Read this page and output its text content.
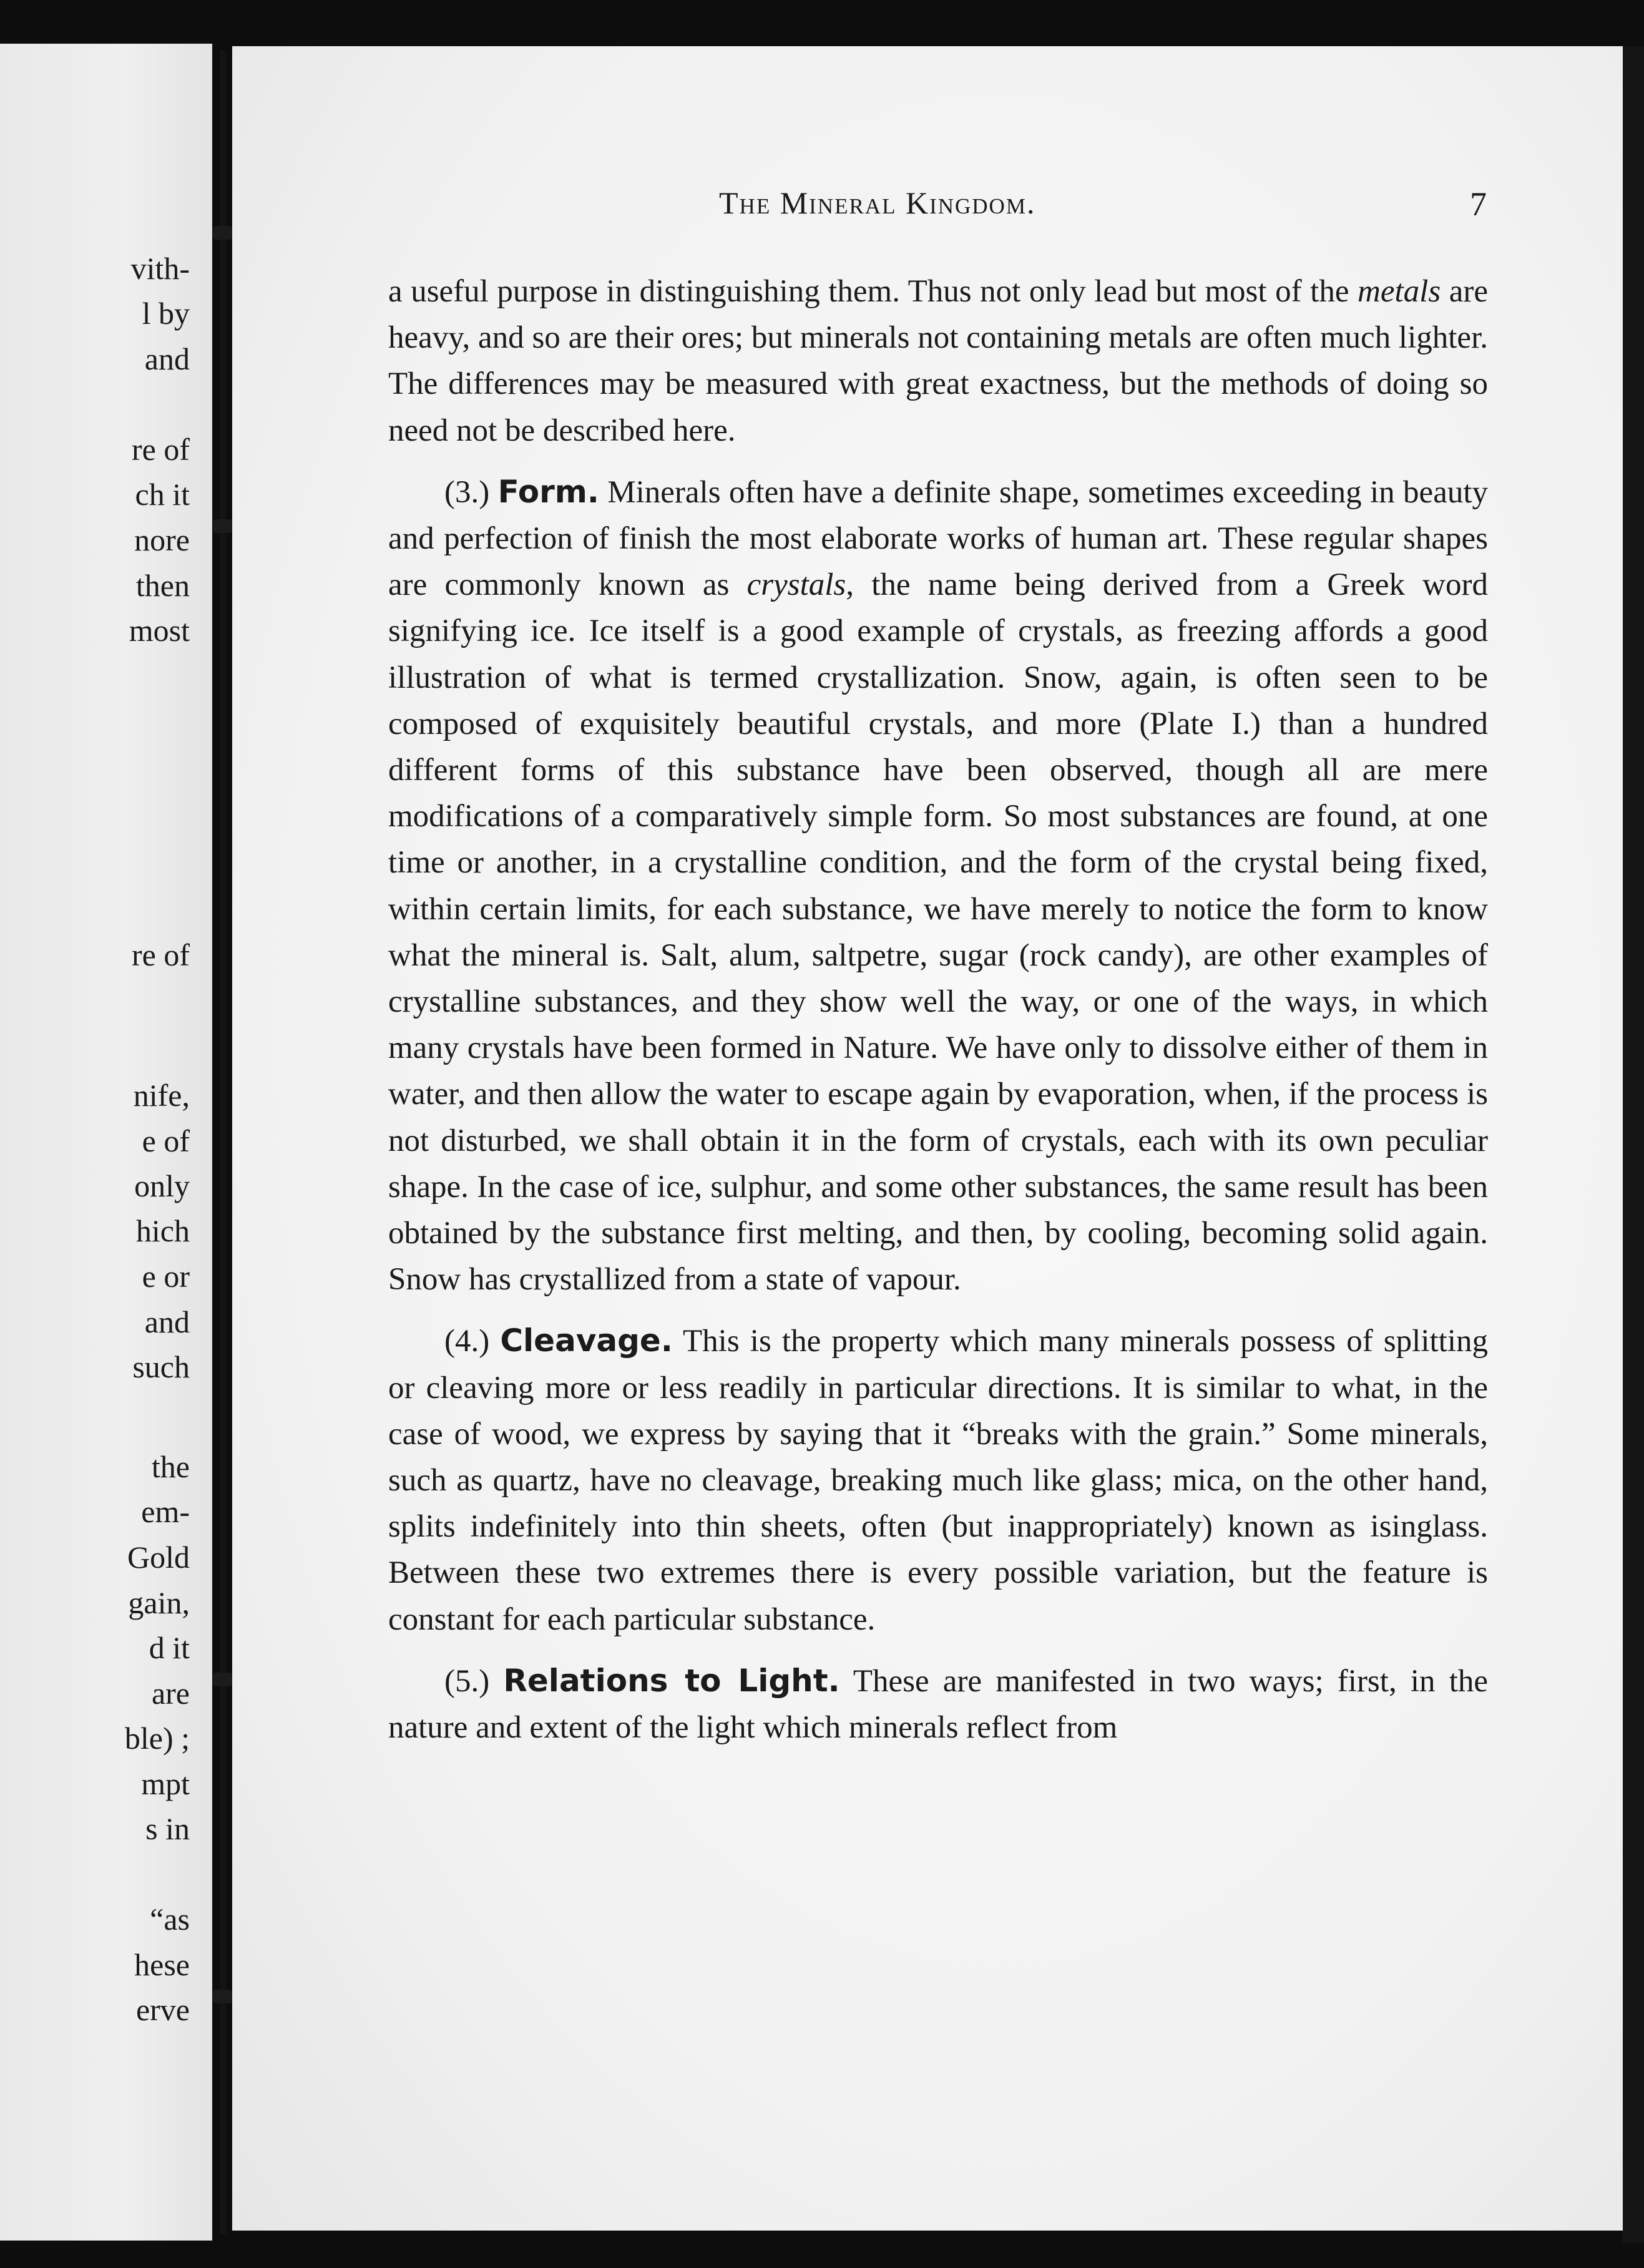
vith-
l by
and
re of
ch it
nore
then
most
re of
nife,
e of
only
hich
e or
and
such
the
em-
Gold
gain,
d it
are
ble) ;
mpt
s in
“as
hese
erve
The Mineral Kingdom.	7

a useful purpose in distinguishing them. Thus not only lead but most of the metals are heavy, and so are their ores; but minerals not containing metals are often much lighter. The differences may be measured with great exactness, but the methods of doing so need not be described here.

(3.) Form. Minerals often have a definite shape, sometimes exceeding in beauty and perfection of finish the most elaborate works of human art. These regular shapes are commonly known as crystals, the name being derived from a Greek word signifying ice. Ice itself is a good example of crystals, as freezing affords a good illustration of what is termed crystallization. Snow, again, is often seen to be composed of exquisitely beautiful crystals, and more (Plate I.) than a hundred different forms of this substance have been observed, though all are mere modifications of a comparatively simple form. So most substances are found, at one time or another, in a crystalline condition, and the form of the crystal being fixed, within certain limits, for each substance, we have merely to notice the form to know what the mineral is. Salt, alum, saltpetre, sugar (rock candy), are other examples of crystalline substances, and they show well the way, or one of the ways, in which many crystals have been formed in Nature. We have only to dissolve either of them in water, and then allow the water to escape again by evaporation, when, if the process is not disturbed, we shall obtain it in the form of crystals, each with its own peculiar shape. In the case of ice, sulphur, and some other substances, the same result has been obtained by the substance first melting, and then, by cooling, becoming solid again. Snow has crystallized from a state of vapour.

(4.) Cleavage. This is the property which many minerals possess of splitting or cleaving more or less readily in particular directions. It is similar to what, in the case of wood, we express by saying that it “breaks with the grain.” Some minerals, such as quartz, have no cleavage, breaking much like glass; mica, on the other hand, splits indefinitely into thin sheets, often (but inappropriately) known as isinglass. Between these two extremes there is every possible variation, but the feature is constant for each particular substance.

(5.) Relations to Light. These are manifested in two ways; first, in the nature and extent of the light which minerals reflect from
